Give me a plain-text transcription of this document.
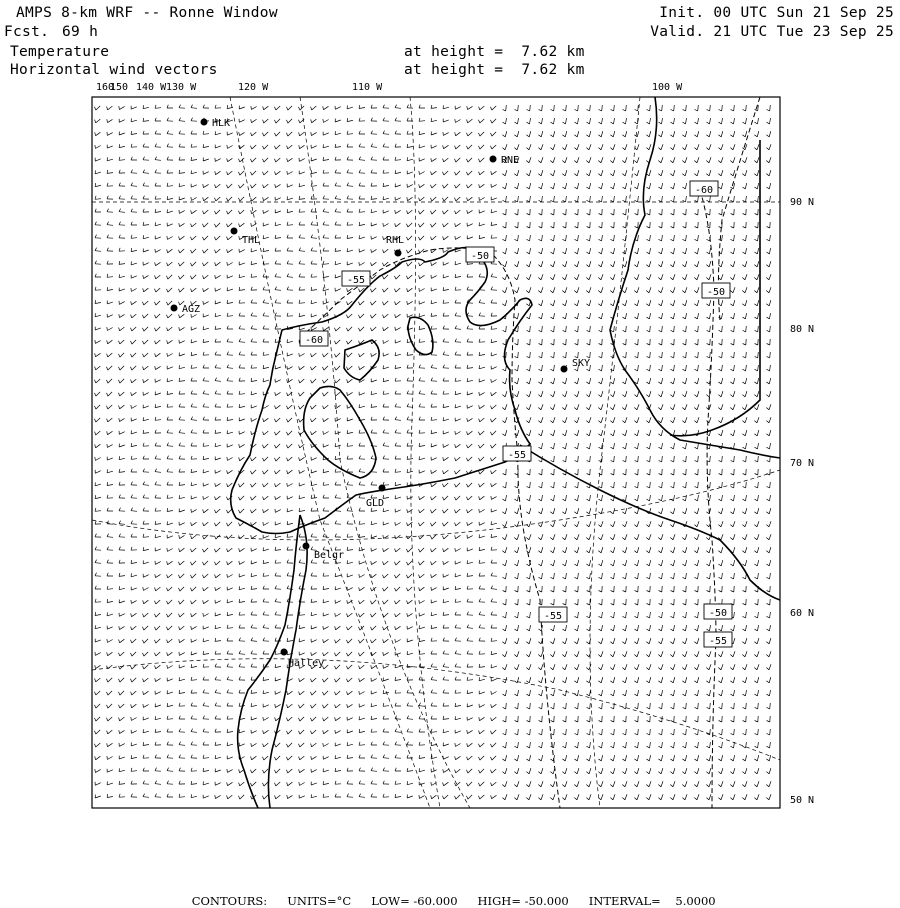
AMPS 8-km WRF -- Ronne Window
Fcst. 69 h
Temperature
Horizontal wind vectors
at height =  7.62 km
at height =  7.62 km
Init. 00 UTC Sun 21 Sep 25
Valid. 21 UTC Tue 23 Sep 25
-50
-55
-60
-60
-50
-55
-55	-50
-55
160
150 140 W 130 W	120 W	110 W	100 W
90 N
80 N
70 N
60 N
50 N
HLK
RNE
THL	RHL
AGZ
SKY
GLD
Belgr
Halley

CONTOURS: UNITS=°C LOW= -60.000 HIGH= -50.000 INTERVAL=    5.0000
